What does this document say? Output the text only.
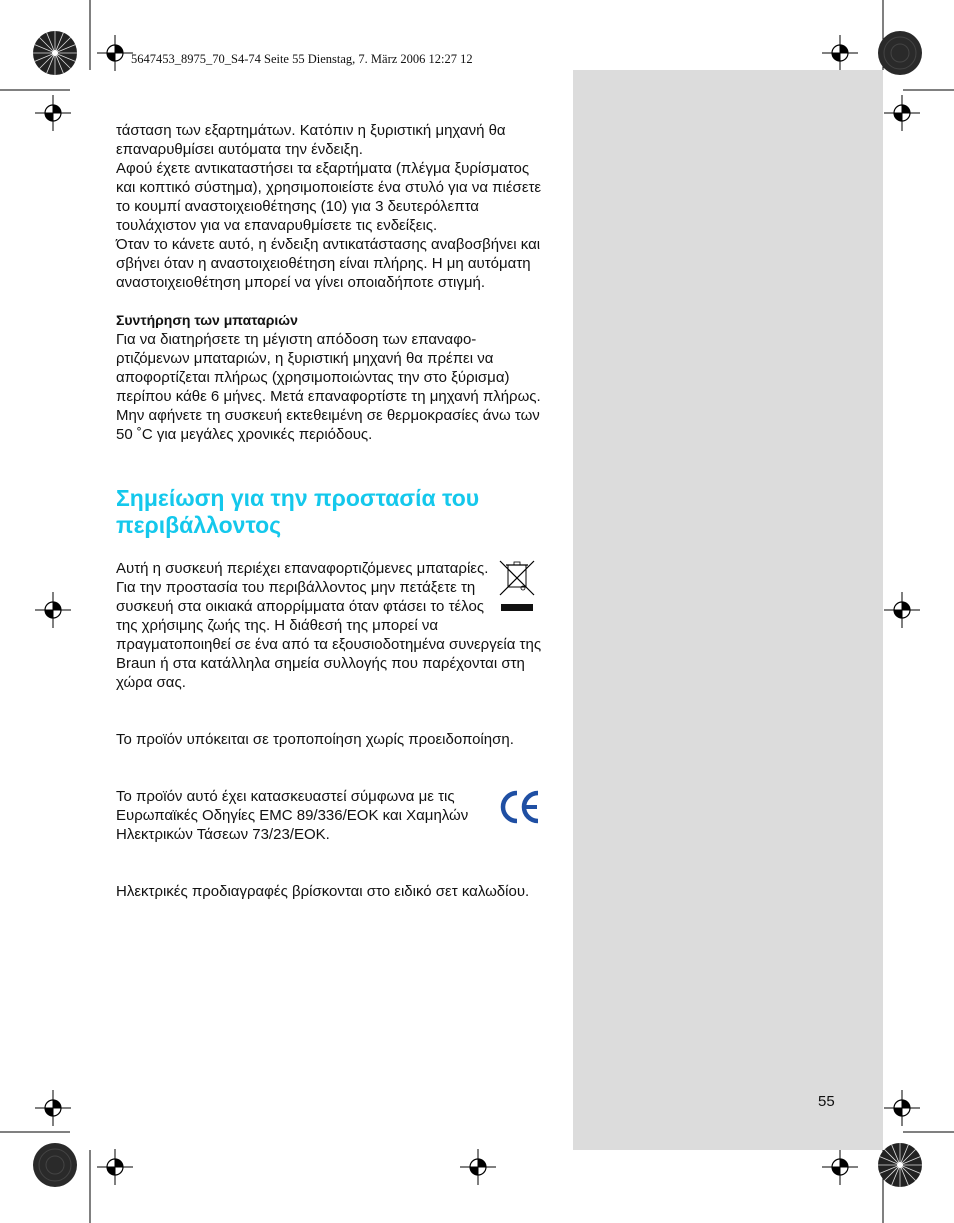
5647453_8975_70_S4-74 Seite 55 Dienstag, 7. März 2006 12:27 12

τάσταση των εξαρτημάτων. Κατόπιν η ξυριστική μηχανή θα επαναρυθμίσει αυτόματα την ένδειξη.

Αφού έχετε αντικαταστήσει τα εξαρτήματα (πλέγμα ξυρίσματος και κοπτικό σύστημα), χρησιμοποιείστε ένα στυλό για να πιέσετε το κουμπί αναστοιχειοθέτησης (10) για 3 δευτερόλεπτα τουλάχιστον για να επαναρυθμίσετε τις ενδείξεις.

Όταν το κάνετε αυτό, η ένδειξη αντικατάστασης αναβοσβήνει και σβήνει όταν η αναστοιχειοθέτηση είναι πλήρης. Η μη αυτόματη αναστοιχειοθέτηση μπορεί να γίνει οποιαδήποτε στιγμή.

Συντήρηση των μπαταριών

Για να διατηρήσετε τη μέγιστη απόδοση των επαναφο-ρτιζόμενων μπαταριών, η ξυριστική μηχανή θα πρέπει να αποφορτίζεται πλήρως (χρησιμοποιώντας την στο ξύρισμα) περίπου κάθε 6 μήνες. Μετά επαναφορτίστε τη μηχανή πλήρως. Μην αφήνετε τη συσκευή εκτεθειμένη σε θερμοκρασίες άνω των 50 ˚C για μεγάλες χρονικές περιόδους.

Σημείωση για την προστασία του
περιβάλλοντος

Αυτή η συσκευή περιέχει επαναφορτιζόμενες μπαταρίες. Για την προστασία του περιβάλλοντος μην πετάξετε τη συσκευή στα οικιακά απορρίμματα όταν φτάσει το τέλος της χρήσιμης ζωής της. Η διάθεσή της μπορεί να πραγματοποιηθεί σε ένα από τα εξουσιοδοτημένα συνεργεία της Braun ή στα κατάλληλα σημεία συλλογής που παρέχονται στη χώρα σας.

Το προϊόν υπόκειται σε τροποποίηση χωρίς προειδοποίηση.

Το προϊόν αυτό έχει κατασκευαστεί σύμφωνα με τις Ευρωπαϊκές Οδηγίες EMC 89/336/EOK και Χαμηλών Ηλεκτρικών Τάσεων 73/23/EOK.

Ηλεκτρικές προδιαγραφές βρίσκονται στο ειδικό σετ καλωδίου.

55
